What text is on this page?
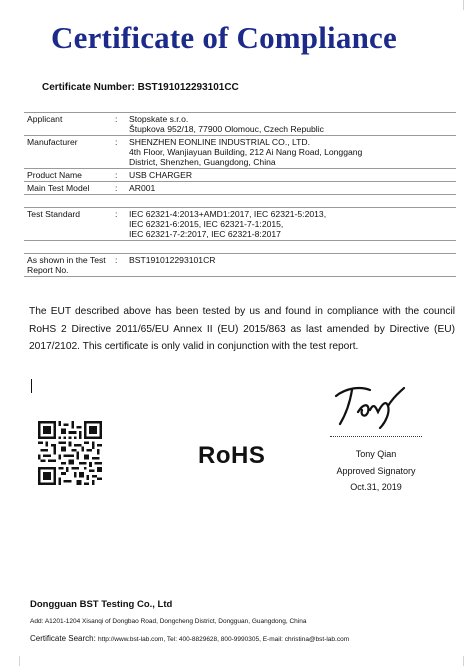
Certificate of Compliance
Certificate Number: BST191012293101CC
Applicant	:	Stopskate s.r.o.
Štupkova 952/18, 77900 Olomouc, Czech Republic

Manufacturer	:	SHENZHEN EONLINE INDUSTRIAL CO., LTD.
4th Floor, Wanjiayuan Building, 212 Ai Nang Road, Longgang
District, Shenzhen, Guangdong, China

Product Name	:	USB CHARGER
Main Test Model	:	AR001

Test Standard	:	IEC 62321-4:2013+AMD1:2017, IEC 62321-5:2013,
IEC 62321-6:2015, IEC 62321-7-1:2015,
IEC 62321-7-2:2017, IEC 62321-8:2017

As shown in the Test Report No.	:	BST191012293101CR
The EUT described above has been tested by us and found in compliance with the council RoHS 2 Directive 2011/65/EU Annex II (EU) 2015/863 as last amended by Directive (EU) 2017/2102. This certificate is only valid in conjunction with the test report.
RoHS
Tony
Tony Qian
Approved Signatory
Oct.31, 2019
Dongguan BST Testing Co., Ltd
Add: A1201-1204 Xisanqi of Dongbao Road, Dongcheng District, Dongguan, Guangdong, China
Certificate Search: http://www.bst-lab.com, Tel: 400-8829628, 800-9990305, E-mail: christina@bst-lab.com
